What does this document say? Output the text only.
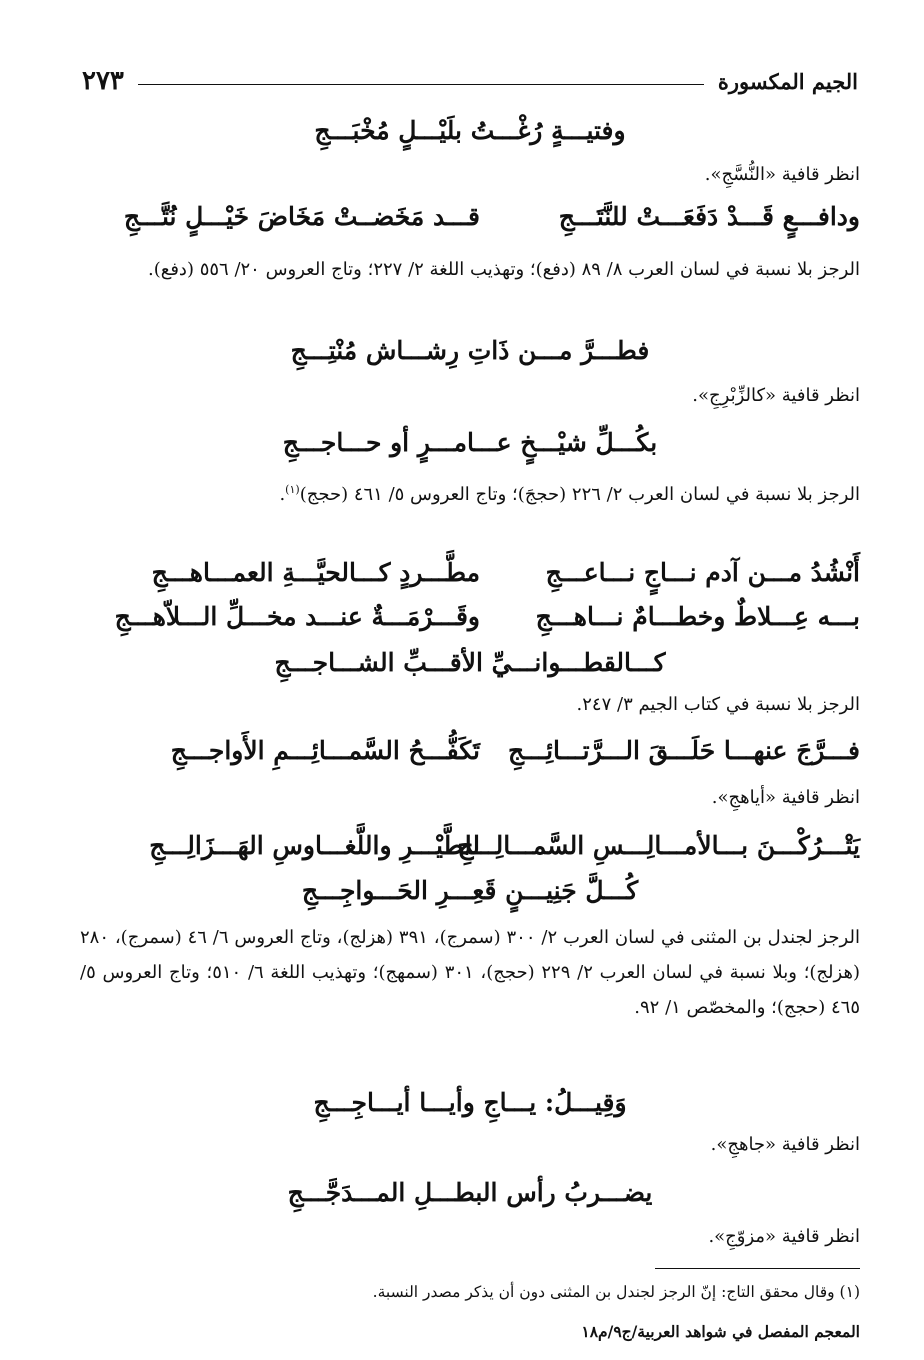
الجيم المكسورة
٢٧٣
وفتيـــةٍ رُغْـــتُ بلَيْـــلٍ مُخْبَـــجِ
انظر قافية «النُّسَّجِ».
ودافـــعٍ قَـــدْ دَفَعَـــتْ للنَّتَـــجِ
قـــد مَخَضــتْ مَخَاضَ خَيْـــلٍ نُتَّـــجِ
الرجز بلا نسبة في لسان العرب ٨/ ٨٩ (دفع)؛ وتهذيب اللغة ٢/ ٢٢٧؛ وتاج العروس ٢٠/ ٥٥٦ (دفع).
فطـــرَّ مـــن ذَاتِ رِشـــاش مُنْتِـــجِ
انظر قافية «كالزِّبْرِجِ».
بكُـــلِّ شيْـــخٍ عـــامـــرٍ أو حـــاجـــجِ
الرجز بلا نسبة في لسان العرب ٢/ ٢٢٦ (حججَ)؛ وتاج العروس ٥/ ٤٦١ (حجج)$^{(١)}$.
أَنْشُدُ مـــن آدم نـــاجٍ نـــاعـــجِ
مطَّـــردٍ كـــالحيَّـــةِ العمـــاهـــجِ
بـــه عِـــلاطٌ وخطـــامٌ نـــاهـــجِ
وقَـــرْمَـــةٌ عنـــد مخـــلِّ الـــلاّهـــجِ
كـــالقطـــوانـــيِّ الأقـــبِّ الشـــاجـــجِ
الرجز بلا نسبة في كتاب الجيم ٣/ ٢٤٧.
فـــرَّجَ عنهـــا حَلَـــقَ الـــرَّتـــائِـــجِ
تَكَفُّـــحُ السَّمـــائِـــمِ الأَواجـــجِ
انظر قافية «أياهجِ».
يَتْـــرُكْـــنَ بـــالأمـــالِـــسِ السَّمـــالِـــجِ
للطَّيْـــرِ واللَّغـــاوسِ الهَـــزَالِـــجِ
كُـــلَّ جَنِيـــنٍ قَعِـــرِ الحَـــواجِـــجِ
الرجز لجندل بن المثنى في لسان العرب ٢/ ٣٠٠ (سمرج)، ٣٩١ (هزلج)، وتاج العروس ٦/ ٤٦ (سمرج)، ٢٨٠ (هزلج)؛ وبلا نسبة في لسان العرب ٢/ ٢٢٩ (حجج)، ٣٠١ (سمهج)؛ وتهذيب اللغة ٦/ ٥١٠؛ وتاج العروس ٥/ ٤٦٥ (حجج)؛ والمخصّص ١/ ٩٢.
وَقِيـــلُ: يـــاجِ وأيـــا أيـــاجِـــجِ
انظر قافية «جاهجِ».
يضـــربُ رأس البطـــلِ المـــدَجَّـــجِ
انظر قافية «مزوّجِ».
(١) وقال محقق التاج: إنّ الرجز لجندل بن المثنى دون أن يذكر مصدر النسبة.
المعجم المفصل في شواهد العربية/ج٩/م١٨
